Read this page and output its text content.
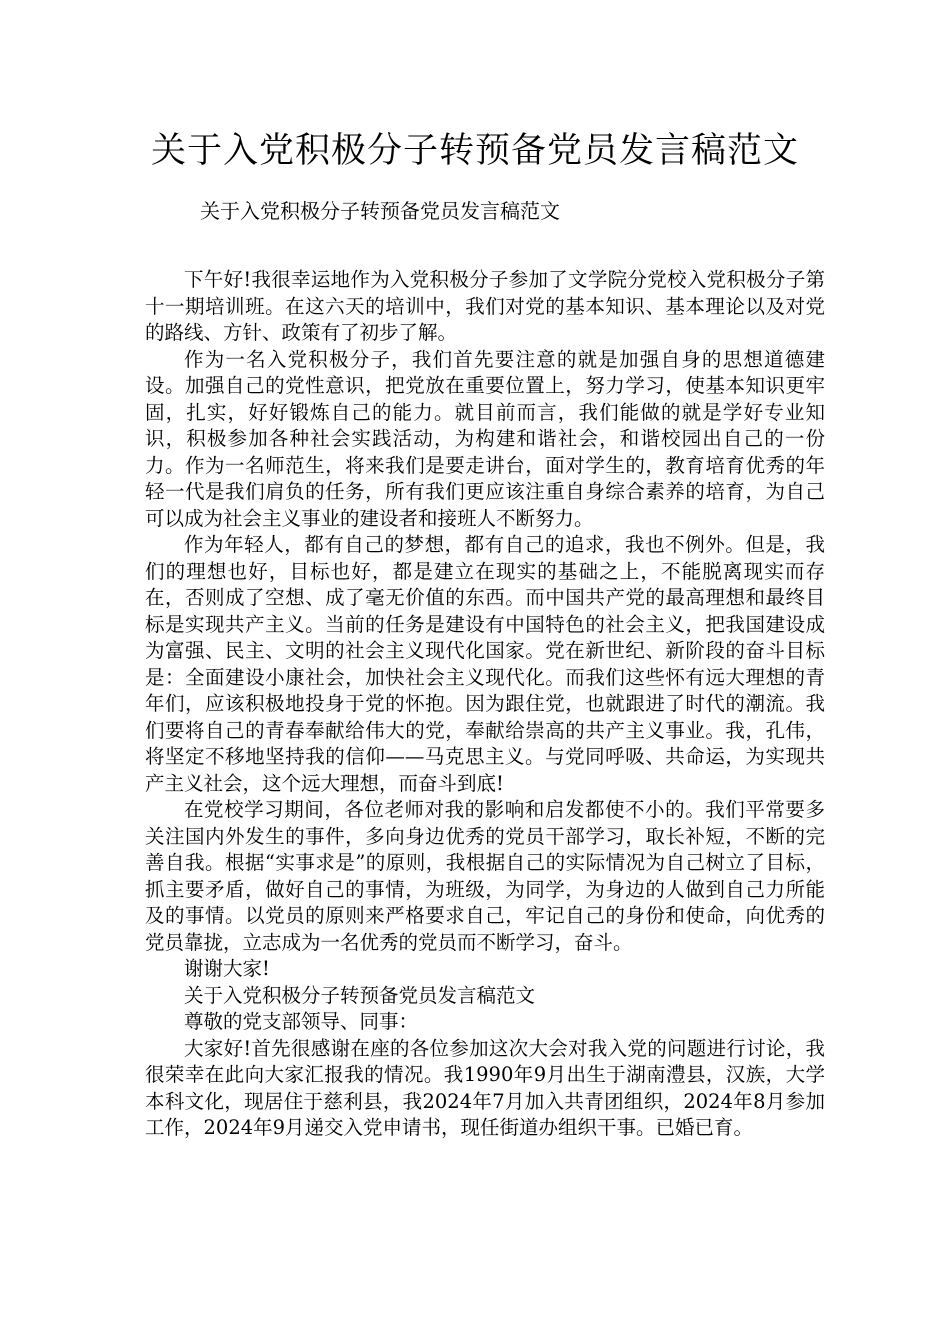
关于入党积极分子转预备党员发言稿范文

关于入党积极分子转预备党员发言稿范文

下午好!我很幸运地作为入党积极分子参加了文学院分党校入党积极分子第十一期培训班。在这六天的培训中，我们对党的基本知识、基本理论以及对党的路线、方针、政策有了初步了解。

作为一名入党积极分子，我们首先要注意的就是加强自身的思想道德建设。加强自己的党性意识，把党放在重要位置上，努力学习，使基本知识更牢固，扎实，好好锻炼自己的能力。就目前而言，我们能做的就是学好专业知识，积极参加各种社会实践活动，为构建和谐社会，和谐校园出自己的一份力。作为一名师范生，将来我们是要走讲台，面对学生的，教育培育优秀的年轻一代是我们肩负的任务，所有我们更应该注重自身综合素养的培育，为自己可以成为社会主义事业的建设者和接班人不断努力。

作为年轻人，都有自己的梦想，都有自己的追求，我也不例外。但是，我们的理想也好，目标也好，都是建立在现实的基础之上，不能脱离现实而存在，否则成了空想、成了毫无价值的东西。而中国共产党的最高理想和最终目标是实现共产主义。当前的任务是建设有中国特色的社会主义，把我国建设成为富强、民主、文明的社会主义现代化国家。党在新世纪、新阶段的奋斗目标是：全面建设小康社会，加快社会主义现代化。而我们这些怀有远大理想的青年们，应该积极地投身于党的怀抱。因为跟住党，也就跟进了时代的潮流。我们要将自己的青春奉献给伟大的党，奉献给崇高的共产主义事业。我，孔伟，将坚定不移地坚持我的信仰——马克思主义。与党同呼吸、共命运，为实现共产主义社会，这个远大理想，而奋斗到底!

在党校学习期间，各位老师对我的影响和启发都使不小的。我们平常要多关注国内外发生的事件，多向身边优秀的党员干部学习，取长补短，不断的完善自我。根据“实事求是”的原则，我根据自己的实际情况为自己树立了目标，抓主要矛盾，做好自己的事情，为班级，为同学，为身边的人做到自己力所能及的事情。以党员的原则来严格要求自己，牢记自己的身份和使命，向优秀的党员靠拢，立志成为一名优秀的党员而不断学习，奋斗。

谢谢大家!

关于入党积极分子转预备党员发言稿范文

尊敬的党支部领导、同事：

大家好!首先很感谢在座的各位参加这次大会对我入党的问题进行讨论，我很荣幸在此向大家汇报我的情况。我1990年9月出生于湖南澧县，汉族，大学本科文化，现居住于慈利县，我2024年7月加入共青团组织，2024年8月参加工作，2024年9月递交入党申请书，现任街道办组织干事。已婚已育。
